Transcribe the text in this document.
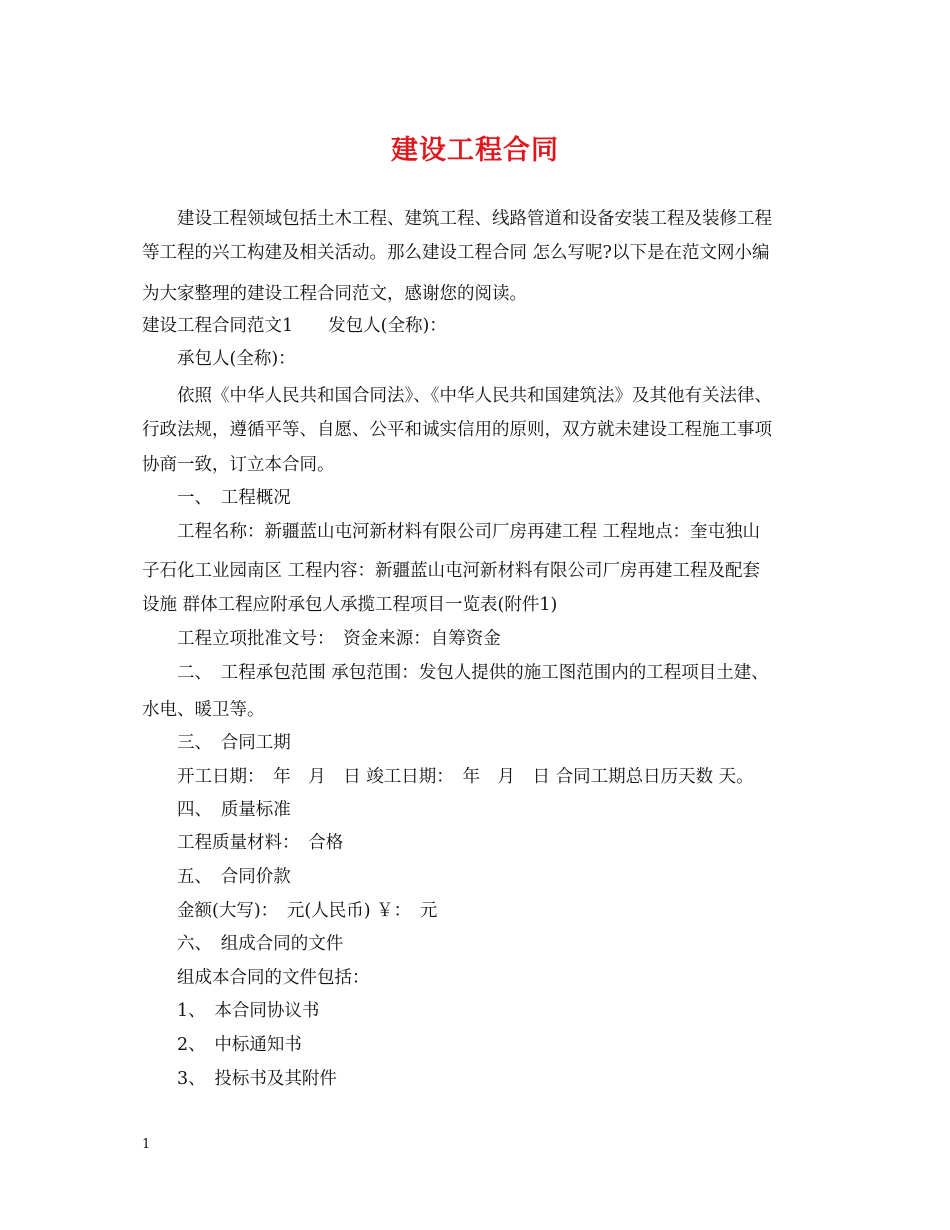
建设工程合同
建设工程领域包括土木工程、建筑工程、线路管道和设备安装工程及装修工程
等工程的兴工构建及相关活动。那么建设工程合同 怎么写呢?以下是在范文网小编
为大家整理的建设工程合同范文，感谢您的阅读。
建设工程合同范文1　　发包人(全称)：
承包人(全称)：
依照《中华人民共和国合同法》、《中华人民共和国建筑法》及其他有关法律、
行政法规，遵循平等、自愿、公平和诚实信用的原则，双方就未建设工程施工事项
协商一致，订立本合同。
一、　工程概况
工程名称：新疆蓝山屯河新材料有限公司厂房再建工程 工程地点：奎屯独山
子石化工业园南区 工程内容：新疆蓝山屯河新材料有限公司厂房再建工程及配套
设施 群体工程应附承包人承揽工程项目一览表(附件1)
工程立项批准文号：　资金来源：自筹资金
二、　工程承包范围 承包范围：发包人提供的施工图范围内的工程项目土建、
水电、暖卫等。
三、　合同工期
开工日期：　年　月　日 竣工日期：　年　月　日 合同工期总日历天数 天。
四、　质量标准
工程质量材料：　合格
五、　合同价款
金额(大写)：　元(人民币) ￥：　元
六、　组成合同的文件
组成本合同的文件包括：
1、　本合同协议书
2、　中标通知书
3、　投标书及其附件
1
